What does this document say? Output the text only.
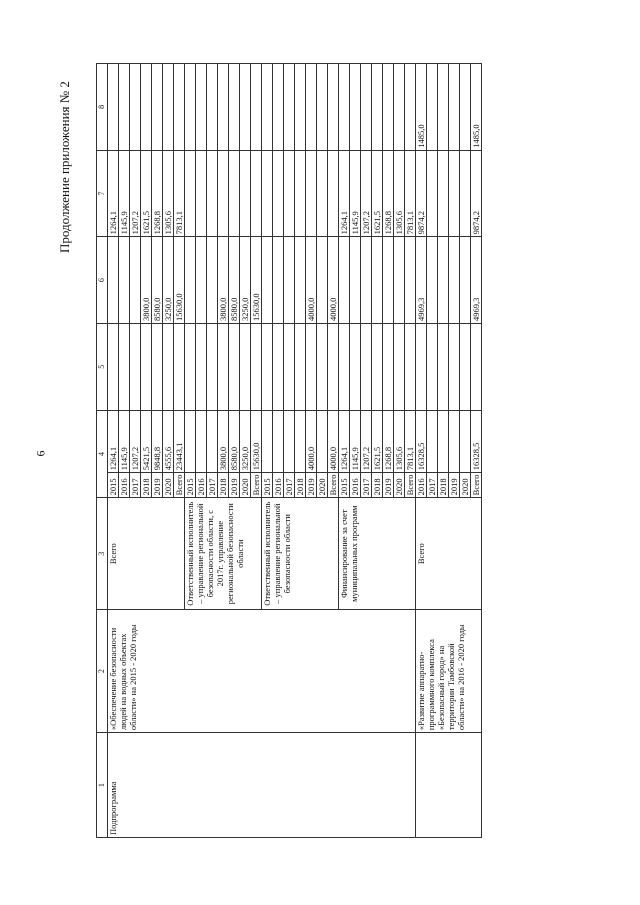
6
Продолжение приложения № 2
1	2	3	4		5	6	7	8
Подпрограмма	«Обеспечение безопасности людей на водных объектах области» на 2015 - 2020 годы	Всего	2015	1264,1			1264,1	
			2016	1145,9			1145,9	
			2017	1207,2			1207,2	
			2018	5421,5		3800,0	1621,5	
			2019	9848,8		8580,0	1268,8	
			2020	4555,6		3250,0	1305,6	
			Всего	23443,1		15630,0	7813,1	
		Ответственный исполнитель – управление региональной безопасности области, с 2017г. управление региональной безопасности области	2015					
			2016					
			2017					
			2018	3800,0		3800,0		
			2019	8580,0		8580,0		
			2020	3250,0		3250,0		
			Всего	15630,0		15630,0		
		Ответственный исполнитель – управление региональной безопасности области	2015					
			2016					
			2017					
			2018					
			2019	4000,0		4000,0		
			2020					
			Всего	4000,0		4000,0		
		Финансирование за счет муниципальных программ	2015	1264,1			1264,1	
			2016	1145,9			1145,9	
			2017	1207,2			1207,2	
			2018	1621,5			1621,5	
			2019	1268,8			1268,8	
			2020	1305,6			1305,6	
			Всего	7813,1			7813,1	
	«Развитие аппаратно-программного комплекса «Безопасный город» на территории Тамбовской области» на 2016 - 2020 годы	Всего	2016	16328,5		4969,3	9874,2	1485,0
			2017					
			2018					
			2019					
			2020					
			Всего	16328,5		4969,3	9874,2	1485,0
